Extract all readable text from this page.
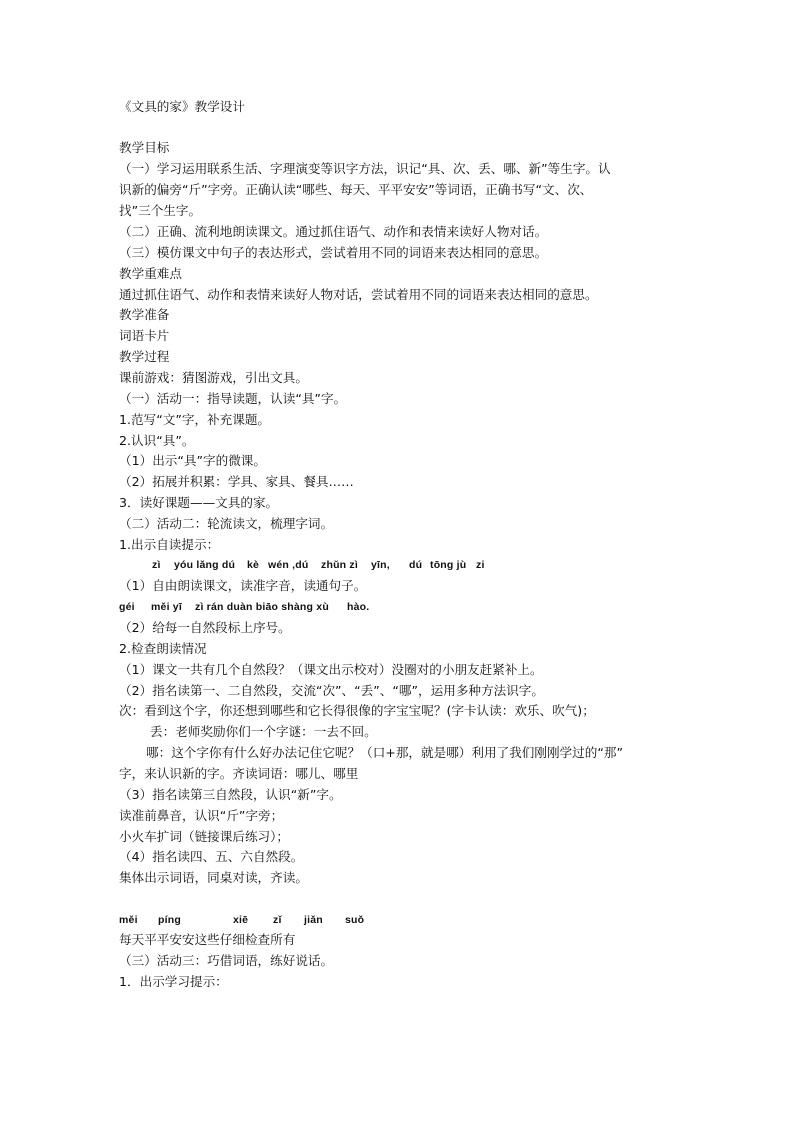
《文具的家》教学设计
教学目标
（一）学习运用联系生活、字理演变等识字方法，识记“具、次、丢、哪、新”等生字。认
识新的偏旁“斤”字旁。正确认读“哪些、每天、平平安安”等词语，正确书写“文、次、
找”三个生字。
（二）正确、流利地朗读课文。通过抓住语气、动作和表情来读好人物对话。
（三）模仿课文中句子的表达形式，尝试着用不同的词语来表达相同的意思。
教学重难点
通过抓住语气、动作和表情来读好人物对话，尝试着用不同的词语来表达相同的意思。
教学准备
词语卡片
教学过程
课前游戏：猜图游戏，引出文具。
（一）活动一：指导读题，认读“具”字。
1.范写“文”字，补充课题。
2.认识“具”。
（1）出示“具”字的微课。
（2）拓展并积累：学具、家具、餐具……
3．读好课题——文具的家。
（二）活动二：轮流读文，梳理字词。
1.出示自读提示：
zì yóu lǎng dú kè wén ,dú zhǔn zì yīn, dú tōng jù zi
（1）自由朗读课文，读准字音，读通句子。
géi měi yī zì rán duàn biāo shàng xù hào.
（2）给每一自然段标上序号。
2.检查朗读情况
（1）课文一共有几个自然段？（课文出示校对）没圈对的小朋友赶紧补上。
（2）指名读第一、二自然段，交流“次”、“丢”、“哪”，运用多种方法识字。
次：看到这个字，你还想到哪些和它长得很像的字宝宝呢？(字卡认读：欢乐、吹气)；
丢：老师奖励你们一个字谜：一去不回。
哪：这个字你有什么好办法记住它呢？（口+那，就是哪）利用了我们刚刚学过的“那”
字，来认识新的字。齐读词语：哪儿、哪里
（3）指名读第三自然段，认识“新”字。
读准前鼻音，认识“斤”字旁；
小火车扩词（链接课后练习）；
（4）指名读四、五、六自然段。
集体出示词语，同桌对读，齐读。
měi píng	xiē zǐ jiǎn suǒ
每天平平安安这些仔细检查所有
（三）活动三：巧借词语，练好说话。
1．出示学习提示：
